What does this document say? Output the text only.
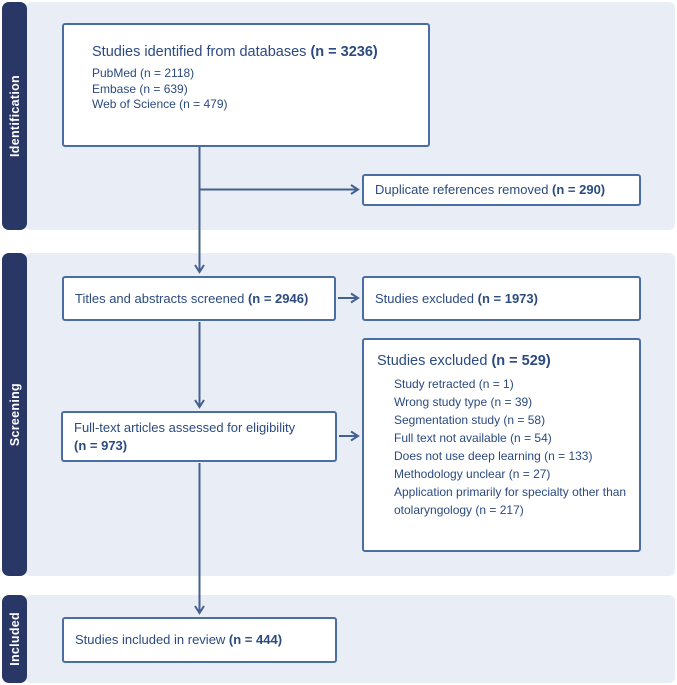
Identification
Screening
Included
Studies identified from databases (n = 3236)
PubMed (n = 2118)
Embase (n = 639)
Web of Science (n = 479)
Duplicate references removed (n = 290)
Titles and abstracts screened (n = 2946)	Studies excluded (n = 1973)
Studies excluded (n = 529)
Study retracted (n = 1)
Wrong study type (n = 39)
Segmentation study (n = 58)
Full text not available (n = 54)
Does not use deep learning (n = 133)
Methodology unclear (n = 27)
Application primarily for specialty other than otolaryngology (n = 217)
Full-text articles assessed for eligibility
(n = 973)
Studies included in review (n = 444)
